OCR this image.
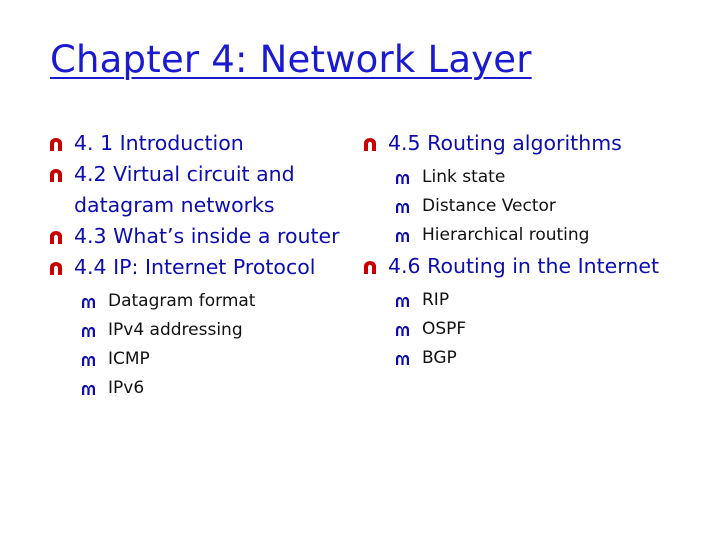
Chapter 4: Network Layer
4. 1 Introduction
4.2 Virtual circuit and datagram networks
4.3 What’s inside a router
4.4 IP: Internet Protocol
Datagram format
IPv4 addressing
ICMP
IPv6
4.5 Routing algorithms
Link state
Distance Vector
Hierarchical routing
4.6 Routing in the Internet
RIP
OSPF
BGP
